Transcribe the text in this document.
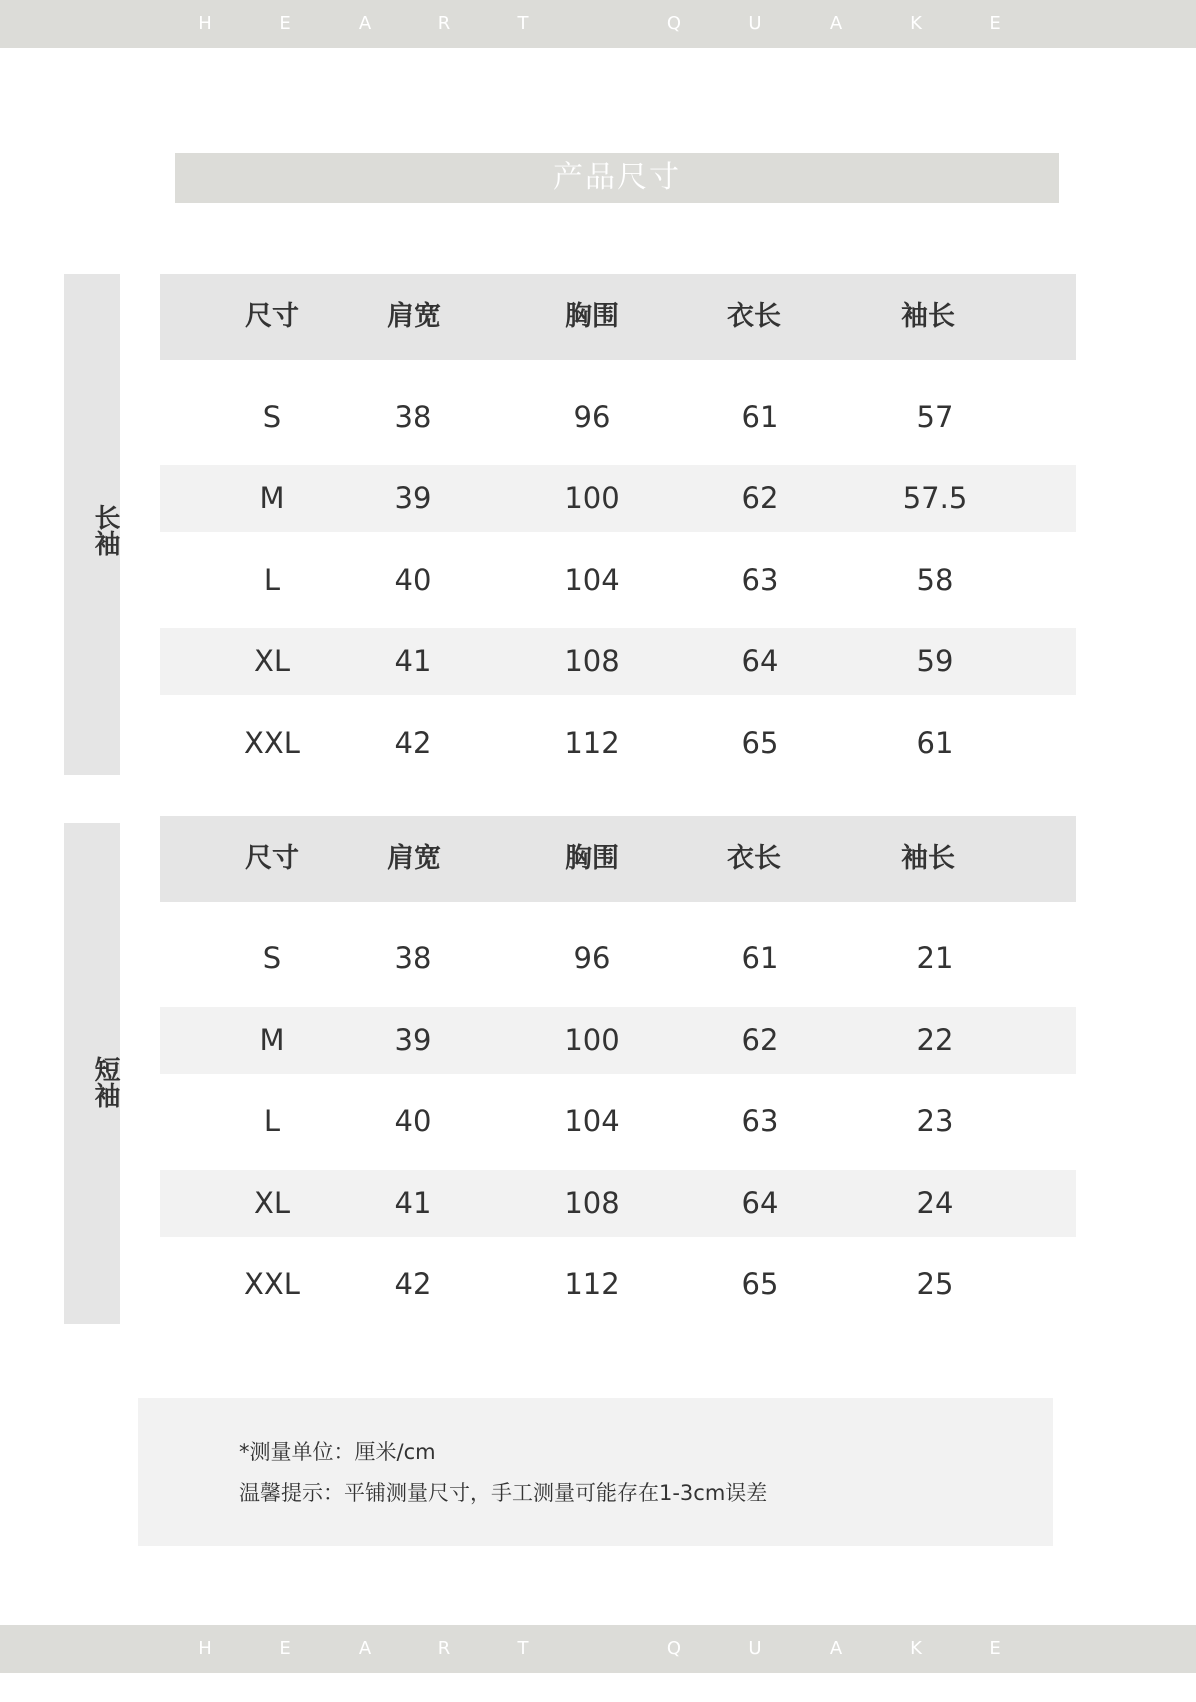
H	E	A	R	T	Q	U	A	K	E
产品尺寸
长袖
尺寸	肩宽	胸围	衣长	袖长
S	38	96	61	57
M	39	100	62	57.5
L	40	104	63	58
XL	41	108	64	59
XXL	42	112	65	61
短袖
尺寸	肩宽	胸围	衣长	袖长
S	38	96	61	21
M	39	100	62	22
L	40	104	63	23
XL	41	108	64	24
XXL	42	112	65	25
*测量单位：厘米/cm
温馨提示：平铺测量尺寸，手工测量可能存在1-3cm误差
H	E	A	R	T	Q	U	A	K	E
